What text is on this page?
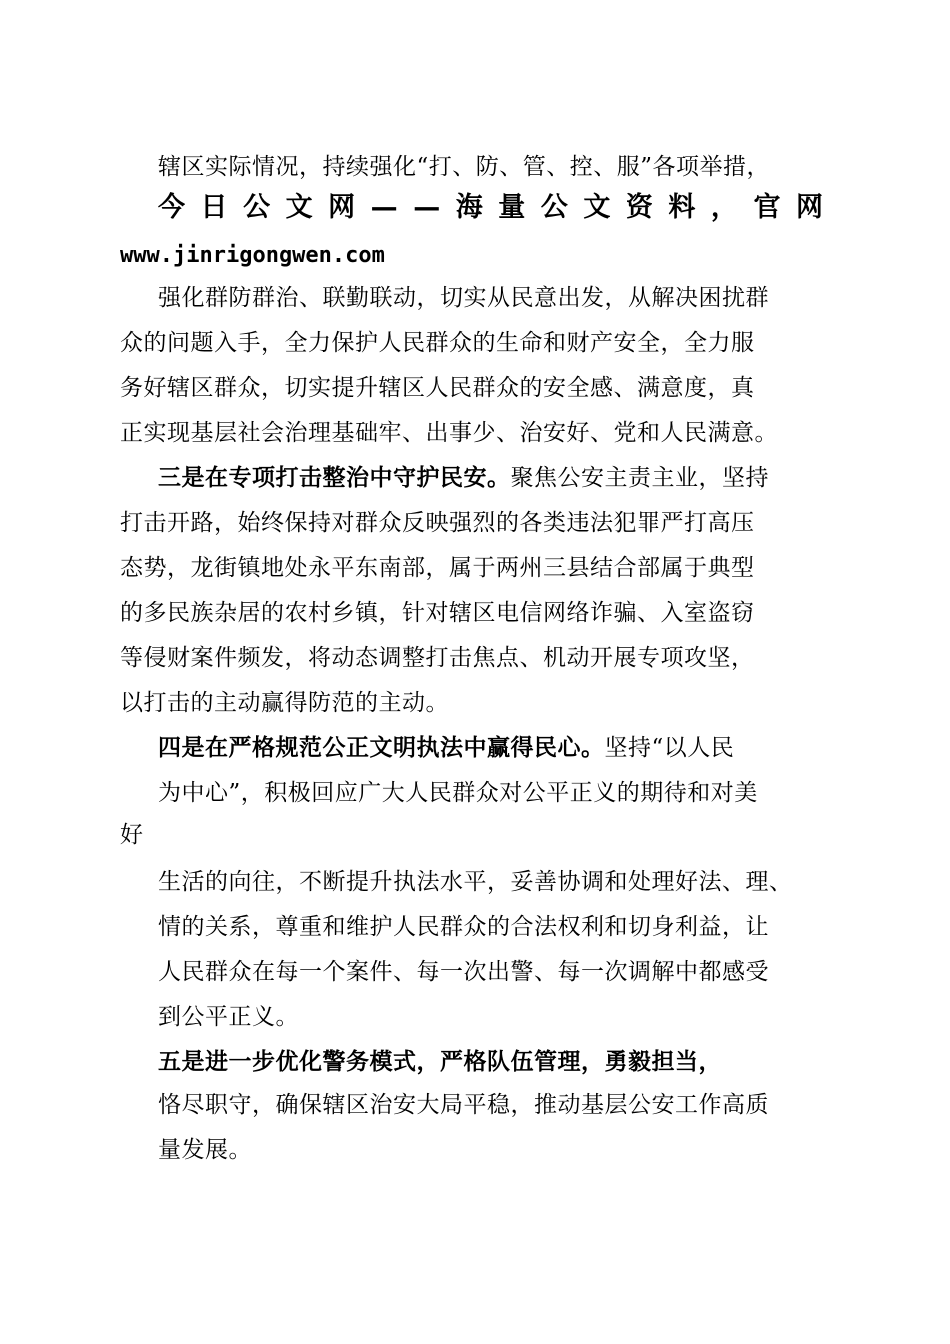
辖区实际情况，持续强化“打、防、管、控、服”各项举措，
今 日 公 文 网 — — 海 量 公 文 资 料 ， 官 网
www.jinrigongwen.com
强化群防群治、联勤联动，切实从民意出发，从解决困扰群
众的问题入手，全力保护人民群众的生命和财产安全，全力服
务好辖区群众，切实提升辖区人民群众的安全感、满意度，真
正实现基层社会治理基础牢、出事少、治安好、党和人民满意。
三是在专项打击整治中守护民安。聚焦公安主责主业，坚持
打击开路，始终保持对群众反映强烈的各类违法犯罪严打高压
态势，龙街镇地处永平东南部，属于两州三县结合部属于典型
的多民族杂居的农村乡镇，针对辖区电信网络诈骗、入室盗窃
等侵财案件频发，将动态调整打击焦点、机动开展专项攻坚，
以打击的主动赢得防范的主动。
四是在严格规范公正文明执法中赢得民心。坚持“以人民
为中心”，积极回应广大人民群众对公平正义的期待和对美
好
生活的向往，不断提升执法水平，妥善协调和处理好法、理、
情的关系，尊重和维护人民群众的合法权利和切身利益，让
人民群众在每一个案件、每一次出警、每一次调解中都感受
到公平正义。
五是进一步优化警务模式，严格队伍管理，勇毅担当，
恪尽职守，确保辖区治安大局平稳，推动基层公安工作高质
量发展。
